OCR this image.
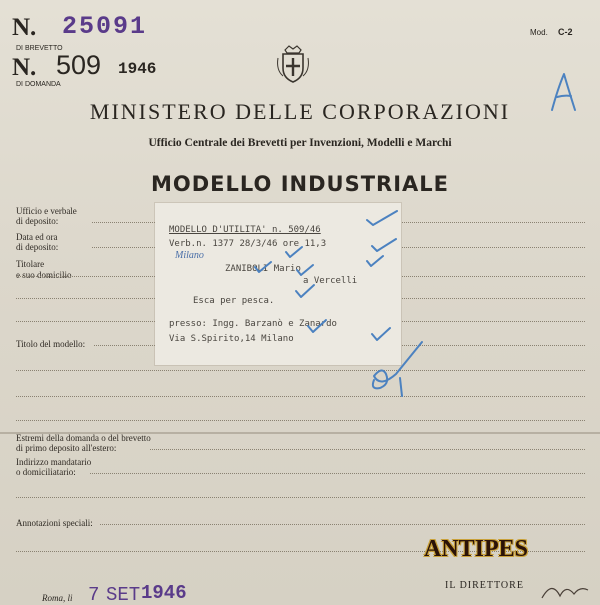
N. 25091
DI BREVETTO
N. 509 1946
DI DOMANDA
Mod. C-2
MINISTERO DELLE CORPORAZIONI
Ufficio Centrale dei Brevetti per Invenzioni, Modelli e Marchi
MODELLO INDUSTRIALE
Ufficio e verbale
di deposito:
Data ed ora
di deposito:
Titolare
e suo domicilio
Titolo del modello:
Estremi della domanda o del brevetto
di primo deposito all'estero:
Indirizzo mandatario
o domiciliatario:
Annotazioni speciali:
MODELLO D'UTILITA' n. 509/46
Verb.n. 1377 28/3/46 ore 11,3
Milano
ZANIBOLI Mario
a Vercelli
Esca per pesca.
presso: Ingg. Barzanò e Zanardo
Via S.Spirito,14 Milano
Roma, li 7 SET 1946
ANTIPES
IL DIRETTORE
